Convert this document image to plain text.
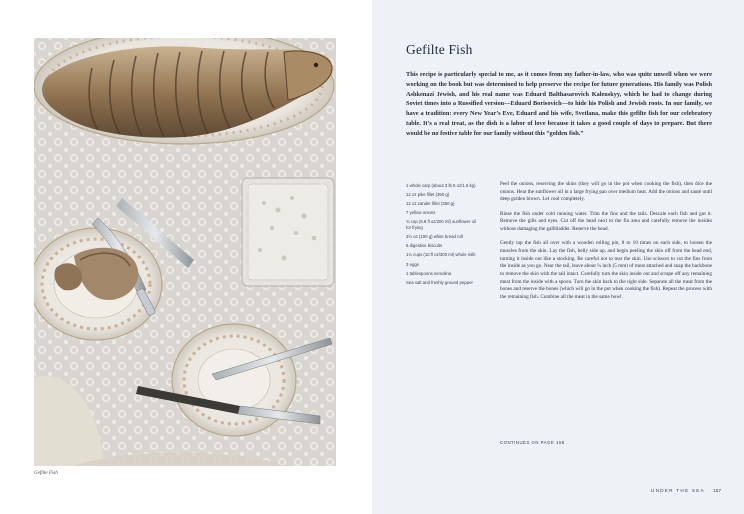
Gefilte Fish
Gefilte Fish
This recipe is particularly special to me, as it comes from my father-in-law, who was quite unwell when we were working on the book but was determined to help preserve the recipe for future generations. His family was Polish Ashkenazi Jewish, and his real name was Eduard Balthasarovich Kalenskyy, which he had to change during Soviet times into a Russified version—Eduard Borisovich—to hide his Polish and Jewish roots. In our family, we have a tradition: every New Year’s Eve, Eduard and his wife, Svetlana, make this gefilte fish for our celebratory table. It’s a real treat, as the dish is a labor of love because it takes a good couple of days to prepare. But there would be no festive table for our family without this “golden fish.”
1 whole carp (about 3 lb 5 oz/1.5 kg)
12 oz pike fillet (350 g)
12 oz zander fillet (350 g)
7 yellow onions
¾ cup (6.8 fl oz/200 ml) sunflower oil for frying
3½ oz (100 g) white bread roll
5 digestive biscuits
1¼ cups (10 fl oz/300 ml) whole milk
3 eggs
1 tablespoons semolina
Sea salt and freshly ground pepper

Peel the onions, reserving the skins (they will go in the pot when cooking the fish), then dice the onions. Heat the sunflower oil in a large frying pan over medium heat. Add the onions and sauté until deep golden brown. Let cool completely.

Rinse the fish under cold running water. Trim the fins and the tails. Descale each fish and gut it. Remove the gills and eyes. Cut off the head next to the fin area and carefully remove the insides without damaging the gallbladder. Reserve the head.

Gently tap the fish all over with a wooden rolling pin, 8 to 10 times on each side, to loosen the muscles from the skin. Lay the fish, belly side up, and begin peeling the skin off from the head end, turning it inside out like a stocking. Be careful not to tear the skin. Use scissors to cut the fins from the inside as you go. Near the tail, leave about ¼ inch (5 mm) of meat attached and snap the backbone to remove the skin with the tail intact. Carefully turn the skin inside out and scrape off any remaining meat from the inside with a spoon. Turn the skin back to the right side. Separate all the meat from the bones and reserve the bones (which will go in the pot when cooking the fish). Repeat the process with the remaining fish. Combine all the meat in the same bowl.

CONTINUES ON PAGE 158
UNDER THE SEA 157
